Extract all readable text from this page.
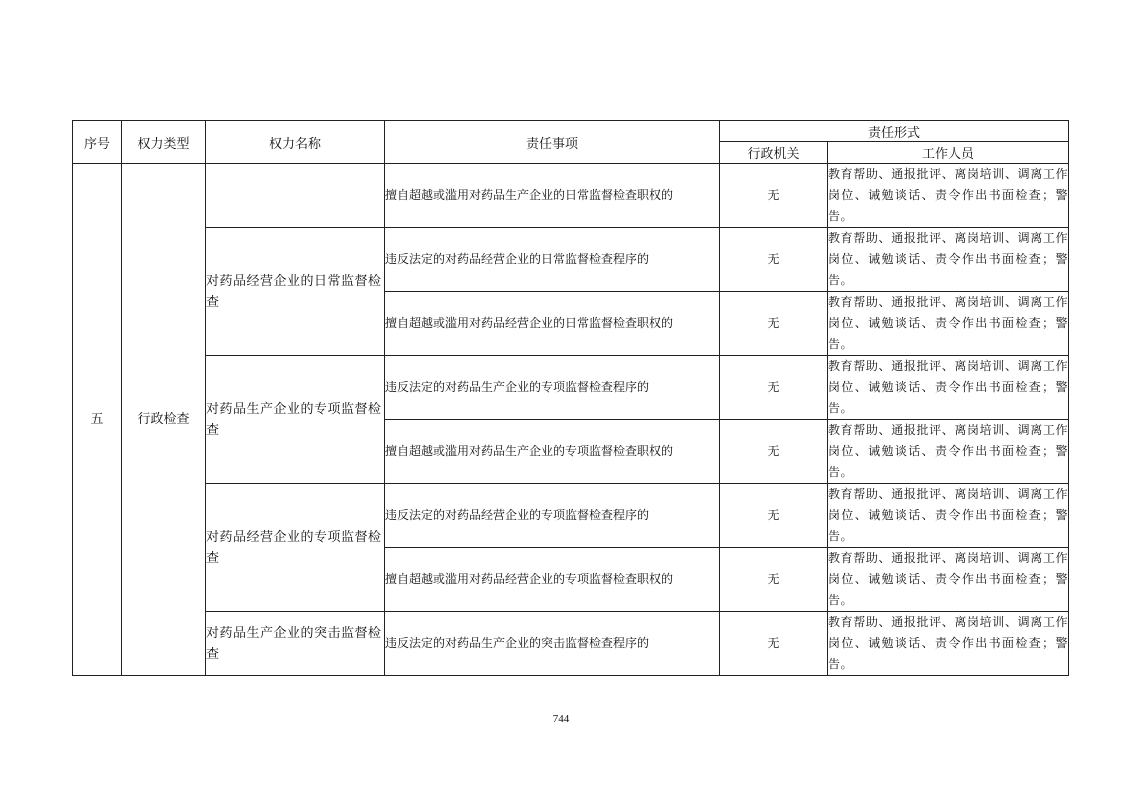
序号	权力类型	权力名称	责任事项	责任形式	
				行政机关	工作人员
五	行政检查		擅自超越或滥用对药品生产企业的日常监督检查职权的	无	教育帮助、通报批评、离岗培训、调离工作岗位、诫勉谈话、责令作出书面检查；警告。
		对药品经营企业的日常监督检查	违反法定的对药品经营企业的日常监督检查程序的	无	教育帮助、通报批评、离岗培训、调离工作岗位、诫勉谈话、责令作出书面检查；警告。
			擅自超越或滥用对药品经营企业的日常监督检查职权的	无	教育帮助、通报批评、离岗培训、调离工作岗位、诫勉谈话、责令作出书面检查；警告。
		对药品生产企业的专项监督检查	违反法定的对药品生产企业的专项监督检查程序的	无	教育帮助、通报批评、离岗培训、调离工作岗位、诫勉谈话、责令作出书面检查；警告。
			擅自超越或滥用对药品生产企业的专项监督检查职权的	无	教育帮助、通报批评、离岗培训、调离工作岗位、诫勉谈话、责令作出书面检查；警告。
		对药品经营企业的专项监督检查	违反法定的对药品经营企业的专项监督检查程序的	无	教育帮助、通报批评、离岗培训、调离工作岗位、诫勉谈话、责令作出书面检查；警告。
			擅自超越或滥用对药品经营企业的专项监督检查职权的	无	教育帮助、通报批评、离岗培训、调离工作岗位、诫勉谈话、责令作出书面检查；警告。
		对药品生产企业的突击监督检查	违反法定的对药品生产企业的突击监督检查程序的	无	教育帮助、通报批评、离岗培训、调离工作岗位、诫勉谈话、责令作出书面检查；警告。
744
